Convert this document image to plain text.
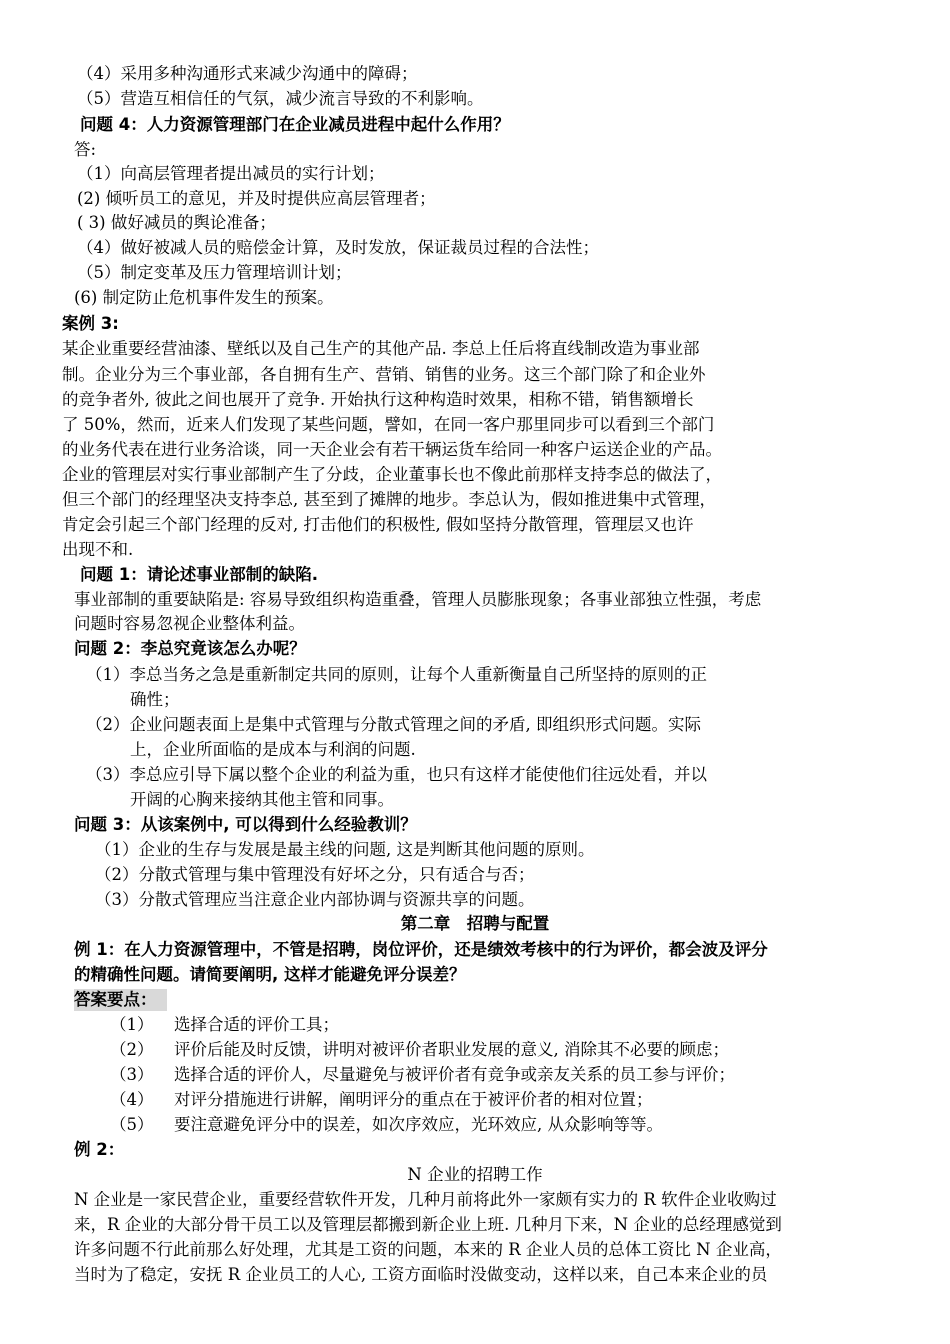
（4）采用多种沟通形式来减少沟通中的障碍；
（5）营造互相信任的气氛，减少流言导致的不利影响。
问题 4：人力资源管理部门在企业减员进程中起什么作用？
答:
（1）向高层管理者提出减员的实行计划；
(2) 倾听员工的意见，并及时提供应高层管理者；
( 3) 做好减员的舆论准备；
（4）做好被减人员的赔偿金计算，及时发放，保证裁员过程的合法性；
（5）制定变革及压力管理培训计划；
(6) 制定防止危机事件发生的预案。
案例 3:
某企业重要经营油漆、壁纸以及自己生产的其他产品. 李总上任后将直线制改造为事业部
制。企业分为三个事业部，各自拥有生产、营销、销售的业务。这三个部门除了和企业外
的竞争者外, 彼此之间也展开了竞争. 开始执行这种构造时效果，相称不错，销售额增长
了 50%，然而，近来人们发现了某些问题，譬如，在同一客户那里同步可以看到三个部门
的业务代表在进行业务洽谈，同一天企业会有若干辆运货车给同一种客户运送企业的产品。
企业的管理层对实行事业部制产生了分歧，企业董事长也不像此前那样支持李总的做法了，
但三个部门的经理坚决支持李总, 甚至到了摊牌的地步。李总认为，假如推进集中式管理，
肯定会引起三个部门经理的反对, 打击他们的积极性, 假如坚持分散管理，管理层又也许
出现不和.
问题 1：请论述事业部制的缺陷.
事业部制的重要缺陷是: 容易导致组织构造重叠，管理人员膨胀现象；各事业部独立性强，考虑
问题时容易忽视企业整体利益。
问题 2：李总究竟该怎么办呢？
（1）李总当务之急是重新制定共同的原则，让每个人重新衡量自己所坚持的原则的正
确性；
（2）企业问题表面上是集中式管理与分散式管理之间的矛盾, 即组织形式问题。实际
上，企业所面临的是成本与利润的问题.
（3）李总应引导下属以整个企业的利益为重，也只有这样才能使他们往远处看，并以
开阔的心胸来接纳其他主管和同事。
问题 3：从该案例中, 可以得到什么经验教训？
（1）企业的生存与发展是最主线的问题, 这是判断其他问题的原则。
（2）分散式管理与集中管理没有好坏之分，只有适合与否；
（3）分散式管理应当注意企业内部协调与资源共享的问题。
第二章　招聘与配置
例 1：在人力资源管理中，不管是招聘，岗位评价，还是绩效考核中的行为评价，都会波及评分
的精确性问题。请简要阐明, 这样才能避免评分误差？
答案要点：
（1） 选择合适的评价工具；
（2） 评价后能及时反馈，讲明对被评价者职业发展的意义, 消除其不必要的顾虑；
（3） 选择合适的评价人，尽量避免与被评价者有竞争或亲友关系的员工参与评价；
（4） 对评分措施进行讲解，阐明评分的重点在于被评价者的相对位置；
（5） 要注意避免评分中的误差，如次序效应，光环效应, 从众影响等等。
例 2：
N 企业的招聘工作
N 企业是一家民营企业，重要经营软件开发，几种月前将此外一家颇有实力的 R 软件企业收购过
来，R 企业的大部分骨干员工以及管理层都搬到新企业上班. 几种月下来，N 企业的总经理感觉到
许多问题不行此前那么好处理，尤其是工资的问题，本来的 R 企业人员的总体工资比 N 企业高，
当时为了稳定，安抚 R 企业员工的人心, 工资方面临时没做变动，这样以来，自己本来企业的员
